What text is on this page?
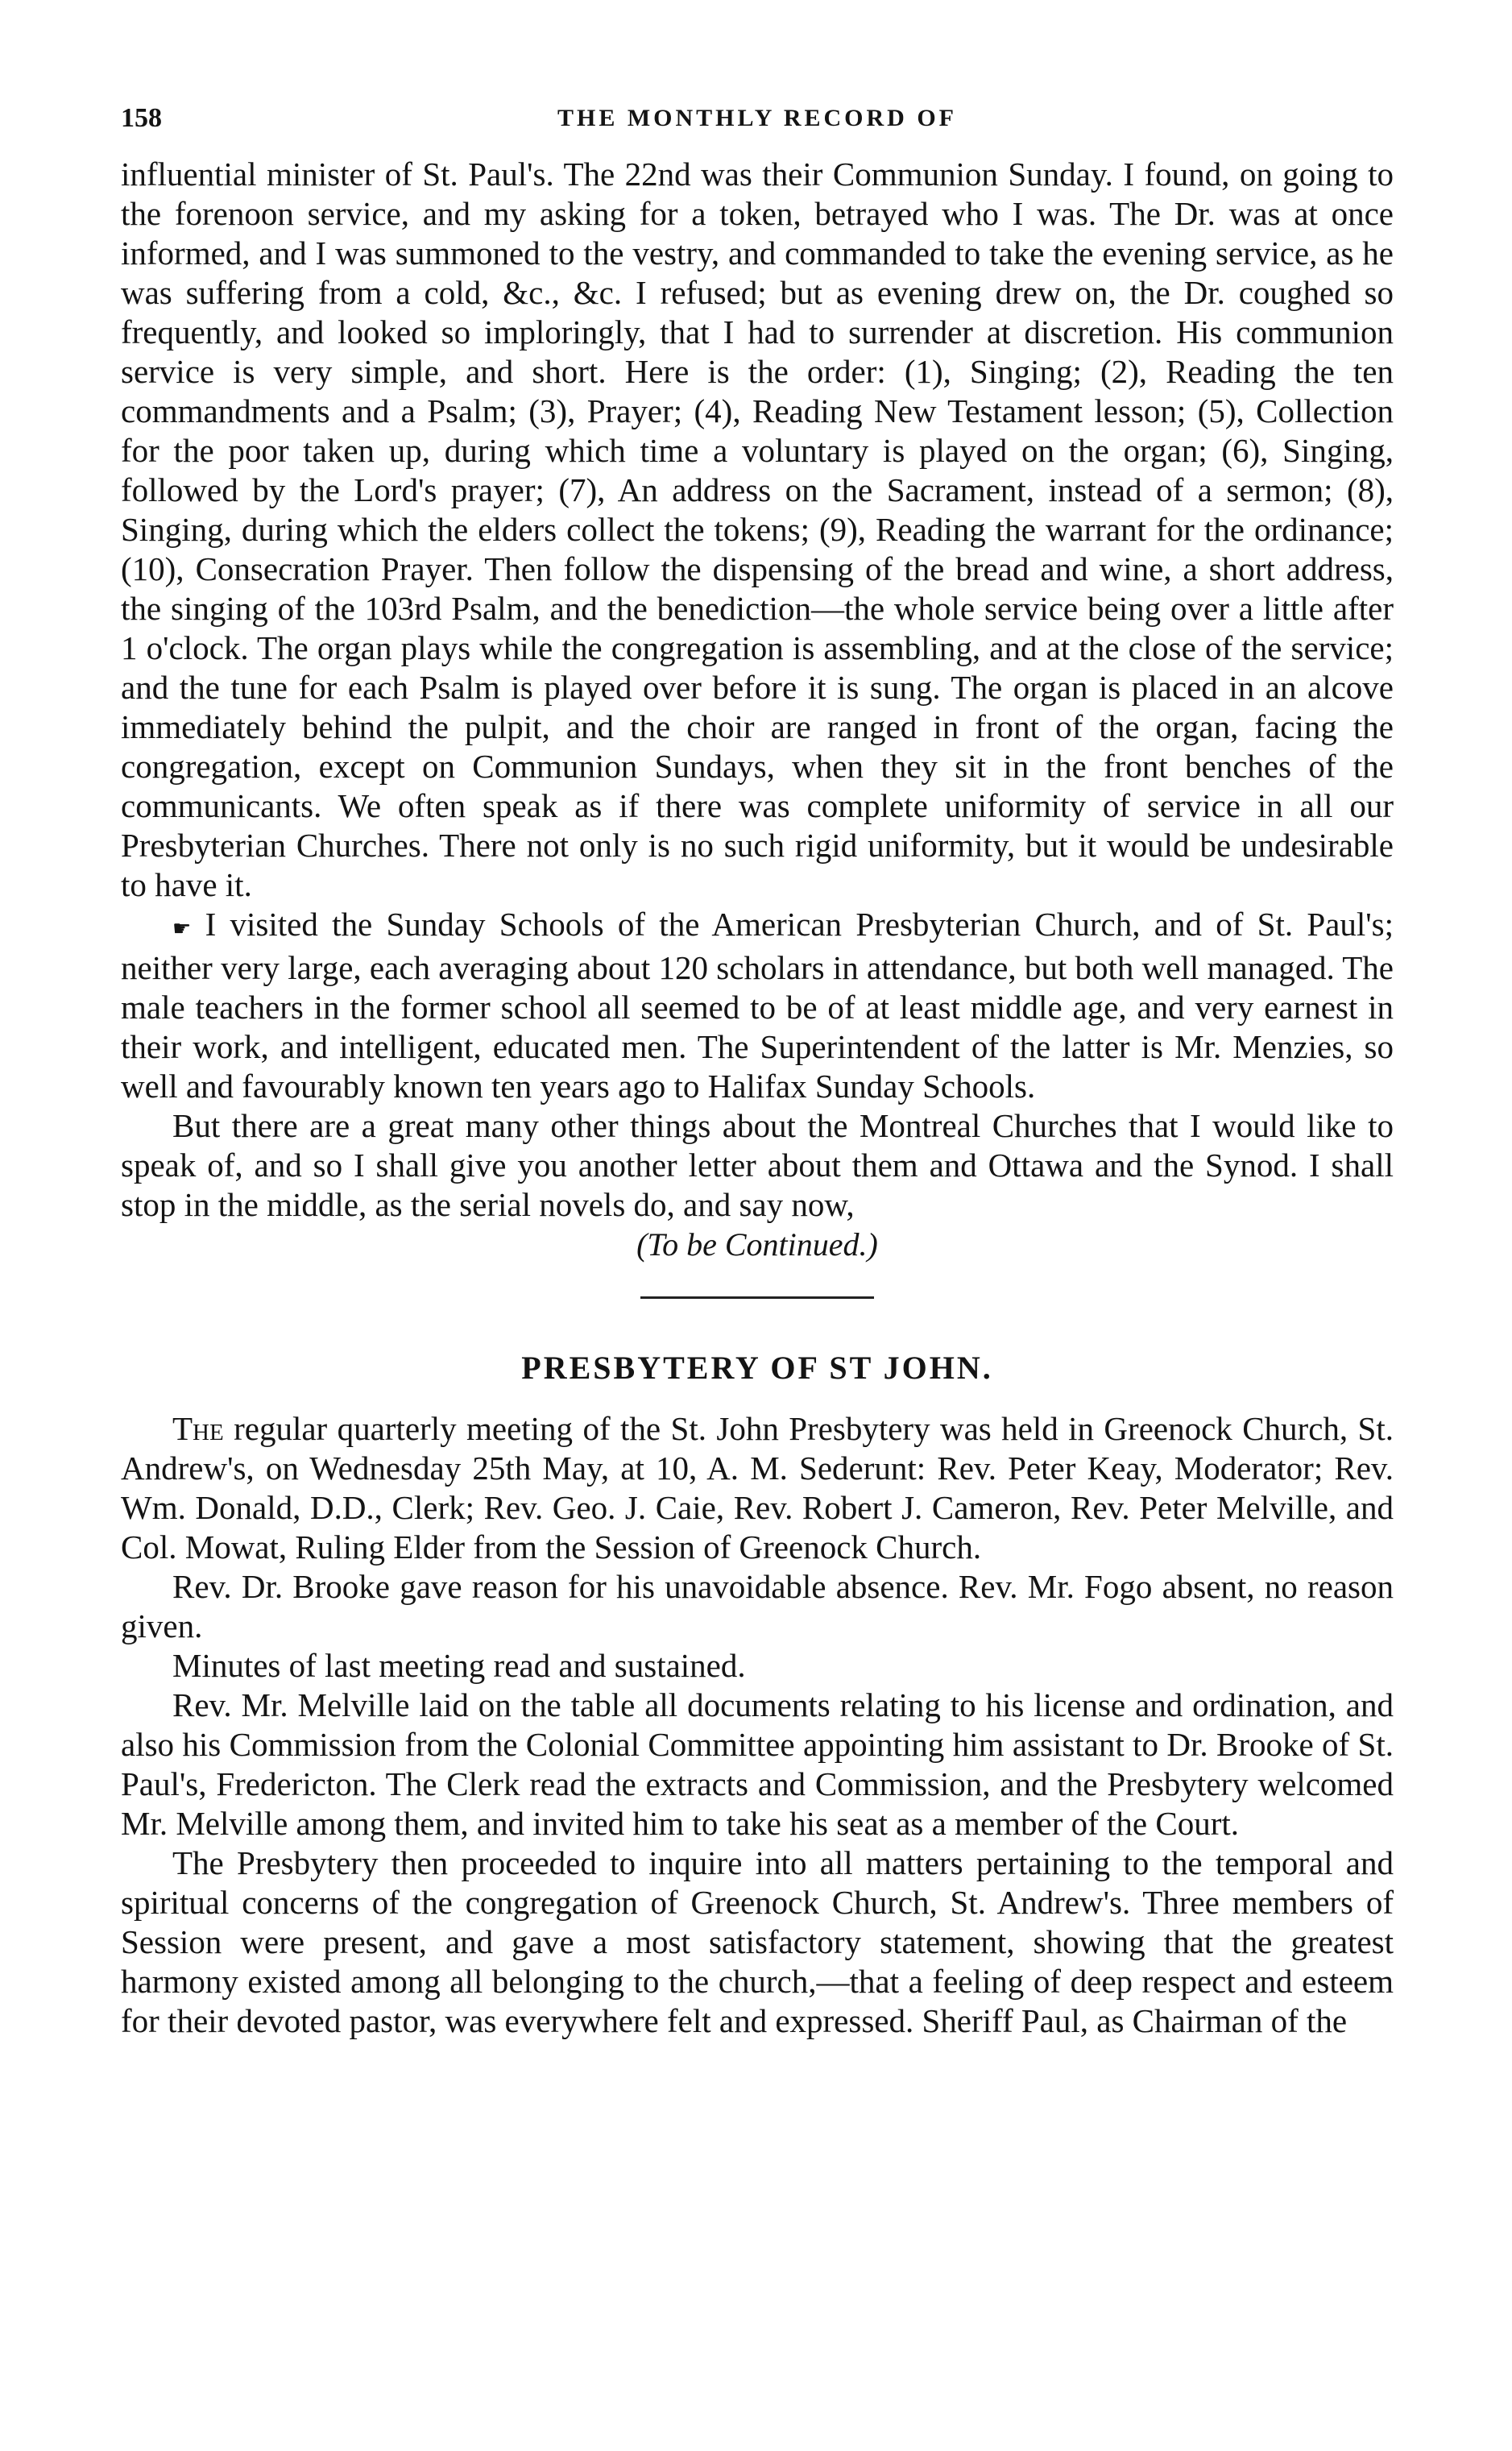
158	THE MONTHLY RECORD OF

influential minister of St. Paul's. The 22nd was their Communion Sunday. I found, on going to the forenoon service, and my asking for a token, betrayed who I was. The Dr. was at once informed, and I was summoned to the vestry, and commanded to take the evening service, as he was suffering from a cold, &c., &c. I refused; but as evening drew on, the Dr. coughed so frequently, and looked so imploringly, that I had to surrender at discretion. His communion service is very simple, and short. Here is the order: (1), Singing; (2), Reading the ten commandments and a Psalm; (3), Prayer; (4), Reading New Testament lesson; (5), Collection for the poor taken up, during which time a voluntary is played on the organ; (6), Singing, followed by the Lord's prayer; (7), An address on the Sacrament, instead of a sermon; (8), Singing, during which the elders collect the tokens; (9), Reading the warrant for the ordinance; (10), Consecration Prayer. Then follow the dispensing of the bread and wine, a short address, the singing of the 103rd Psalm, and the benediction—the whole service being over a little after 1 o'clock. The organ plays while the congregation is assembling, and at the close of the service; and the tune for each Psalm is played over before it is sung. The organ is placed in an alcove immediately behind the pulpit, and the choir are ranged in front of the organ, facing the congregation, except on Communion Sundays, when they sit in the front benches of the communicants. We often speak as if there was complete uniformity of service in all our Presbyterian Churches. There not only is no such rigid uniformity, but it would be undesirable to have it.

☛ I visited the Sunday Schools of the American Presbyterian Church, and of St. Paul's; neither very large, each averaging about 120 scholars in attendance, but both well managed. The male teachers in the former school all seemed to be of at least middle age, and very earnest in their work, and intelligent, educated men. The Superintendent of the latter is Mr. Menzies, so well and favourably known ten years ago to Halifax Sunday Schools.

But there are a great many other things about the Montreal Churches that I would like to speak of, and so I shall give you another letter about them and Ottawa and the Synod. I shall stop in the middle, as the serial novels do, and say now,

(To be Continued.)
PRESBYTERY OF ST JOHN.

The regular quarterly meeting of the St. John Presbytery was held in Greenock Church, St. Andrew's, on Wednesday 25th May, at 10, A. M. Sederunt: Rev. Peter Keay, Moderator; Rev. Wm. Donald, D.D., Clerk; Rev. Geo. J. Caie, Rev. Robert J. Cameron, Rev. Peter Melville, and Col. Mowat, Ruling Elder from the Session of Greenock Church.

Rev. Dr. Brooke gave reason for his unavoidable absence. Rev. Mr. Fogo absent, no reason given.

Minutes of last meeting read and sustained.

Rev. Mr. Melville laid on the table all documents relating to his license and ordination, and also his Commission from the Colonial Committee appointing him assistant to Dr. Brooke of St. Paul's, Fredericton. The Clerk read the extracts and Commission, and the Presbytery welcomed Mr. Melville among them, and invited him to take his seat as a member of the Court.

The Presbytery then proceeded to inquire into all matters pertaining to the temporal and spiritual concerns of the congregation of Greenock Church, St. Andrew's. Three members of Session were present, and gave a most satisfactory statement, showing that the greatest harmony existed among all belonging to the church,—that a feeling of deep respect and esteem for their devoted pastor, was everywhere felt and expressed. Sheriff Paul, as Chairman of the
